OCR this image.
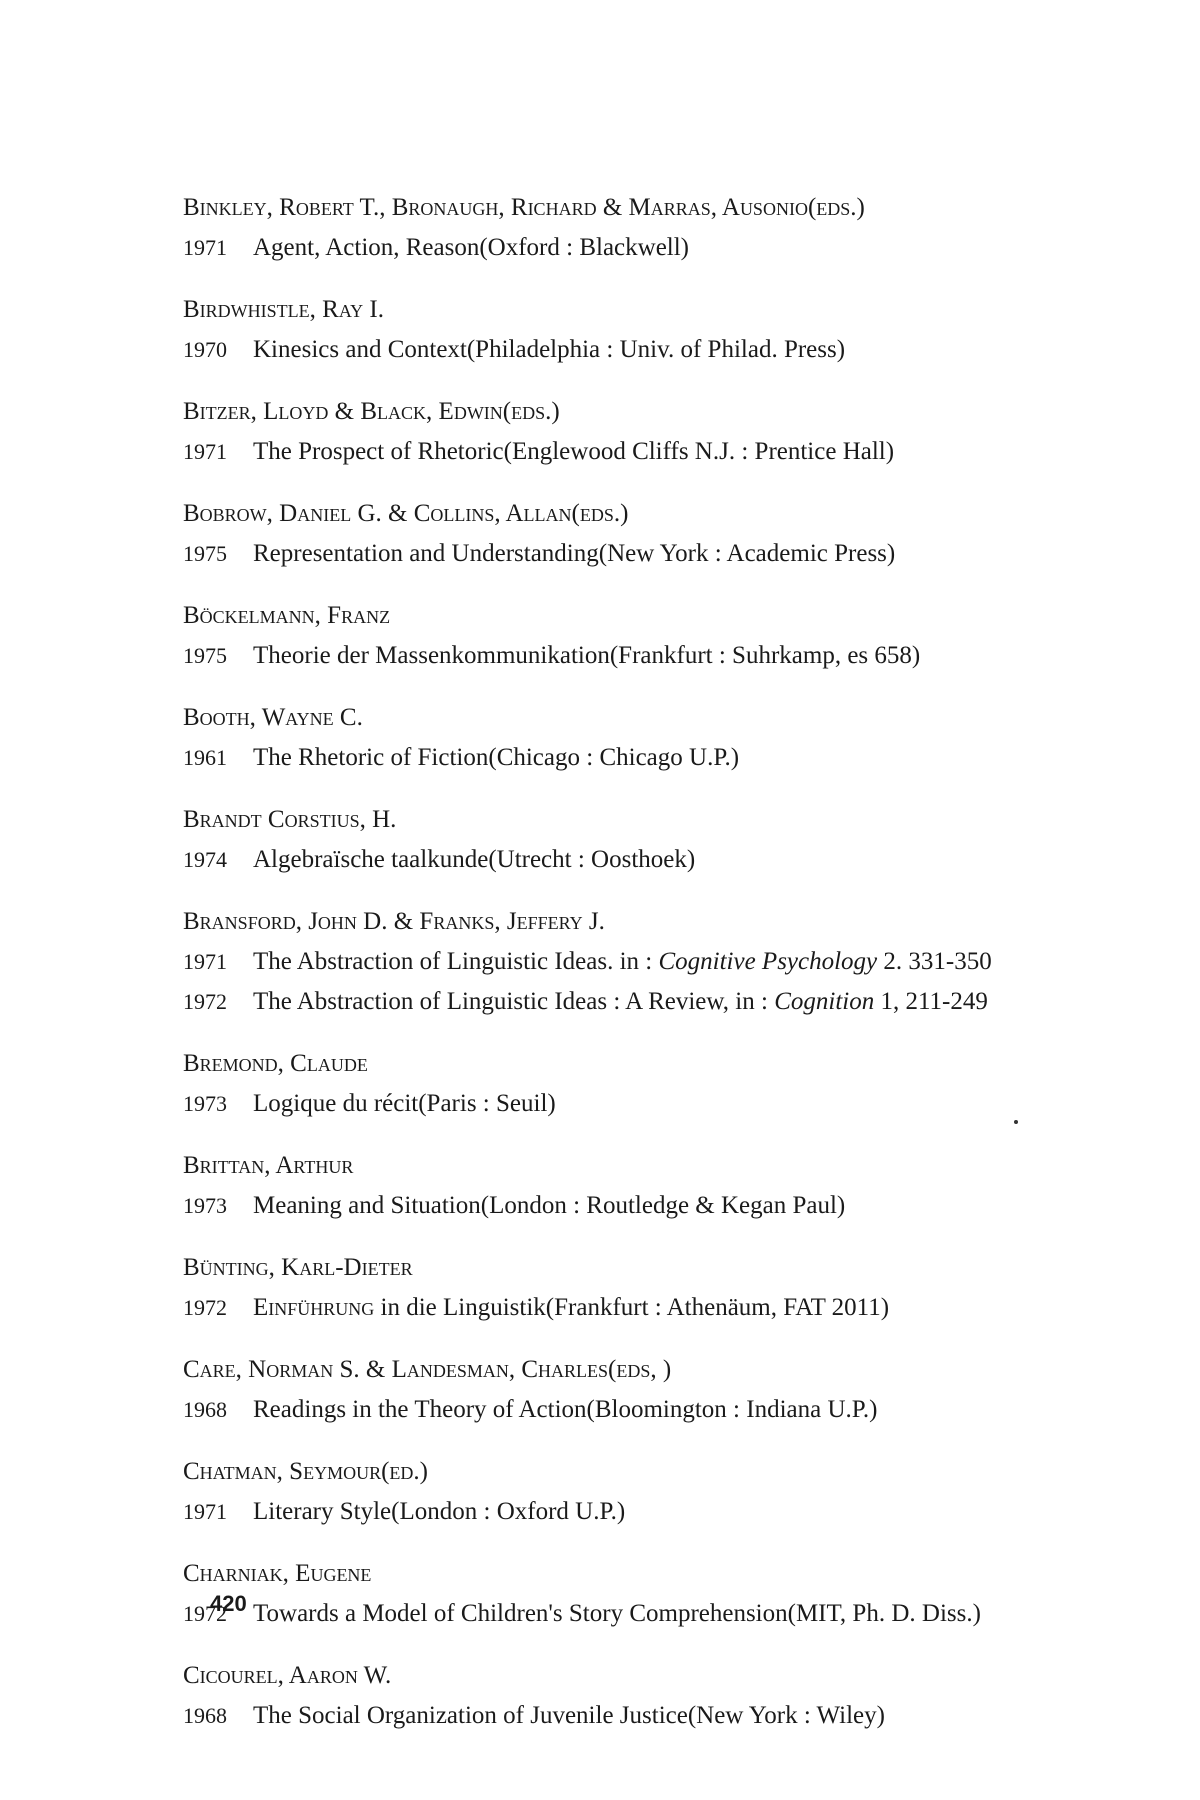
Binkley, Robert T., Bronaugh, Richard & Marras, Ausonio(eds.)
1971 Agent, Action, Reason(Oxford : Blackwell)
Birdwhistle, Ray I.
1970 Kinesics and Context(Philadelphia : Univ. of Philad. Press)
Bitzer, Lloyd & Black, Edwin(eds.)
1971 The Prospect of Rhetoric(Englewood Cliffs N.J. : Prentice Hall)
Bobrow, Daniel G. & Collins, Allan(eds.)
1975 Representation and Understanding(New York : Academic Press)
Böckelmann, Franz
1975 Theorie der Massenkommunikation(Frankfurt : Suhrkamp, es 658)
Booth, Wayne C.
1961 The Rhetoric of Fiction(Chicago : Chicago U.P.)
Brandt Corstius, H.
1974 Algebraïsche taalkunde(Utrecht : Oosthoek)
Bransford, John D. & Franks, Jeffery J.
1971 The Abstraction of Linguistic Ideas. in : Cognitive Psychology 2. 331-350
1972 The Abstraction of Linguistic Ideas : A Review, in : Cognition 1, 211-249
Bremond, Claude
1973 Logique du récit(Paris : Seuil)
Brittan, Arthur
1973 Meaning and Situation(London : Routledge & Kegan Paul)
Bünting, Karl-Dieter
1972 Einführung in die Linguistik(Frankfurt : Athenäum, FAT 2011)
Care, Norman S. & Landesman, Charles(eds, )
1968 Readings in the Theory of Action(Bloomington : Indiana U.P.)
Chatman, Seymour(ed.)
1971 Literary Style(London : Oxford U.P.)
Charniak, Eugene
1972 Towards a Model of Children's Story Comprehension(MIT, Ph. D. Diss.)
Cicourel, Aaron W.
1968 The Social Organization of Juvenile Justice(New York : Wiley)
420
